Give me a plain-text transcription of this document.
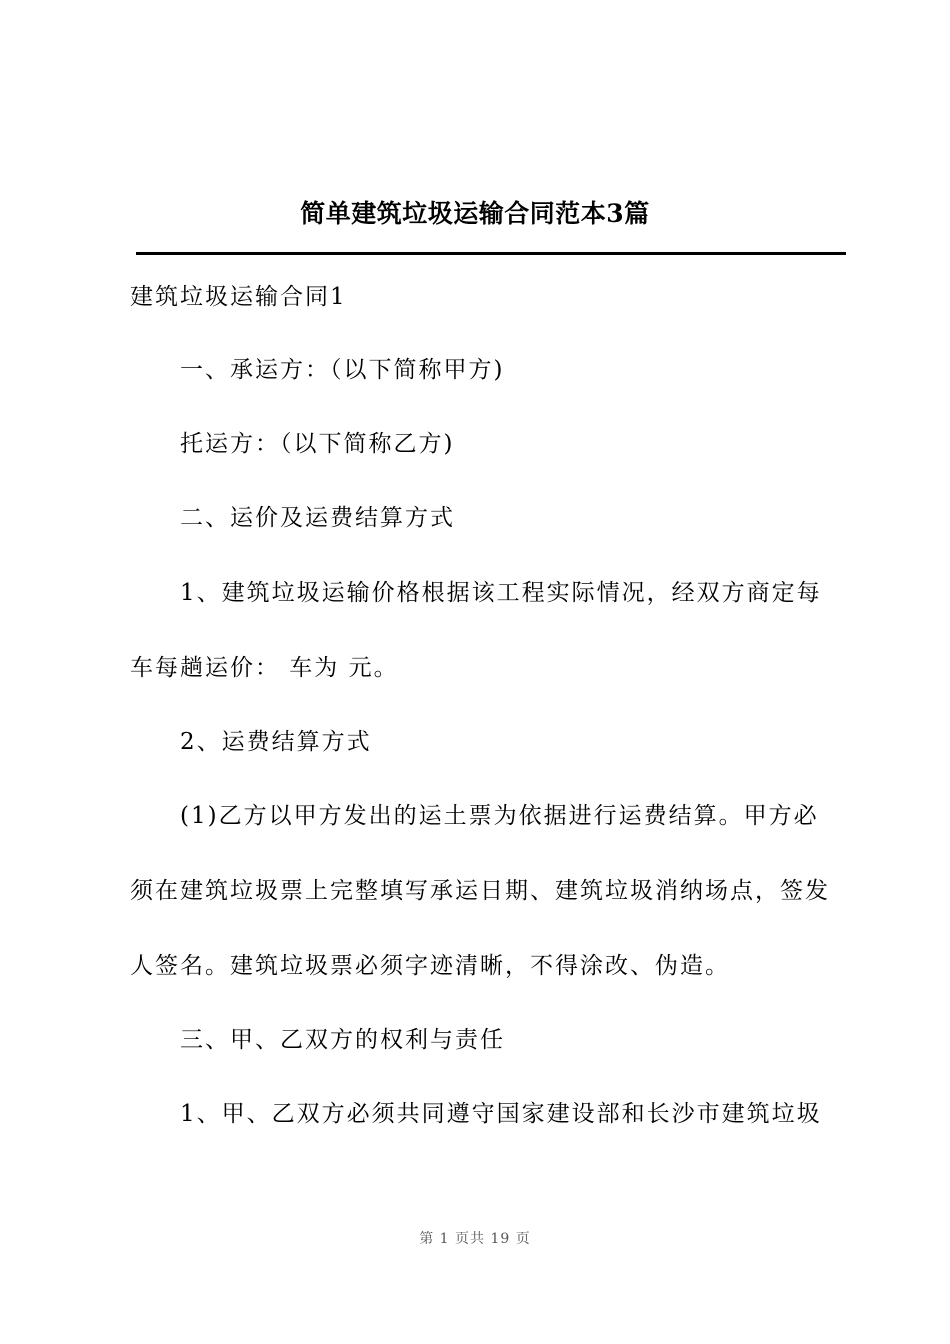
简单建筑垃圾运输合同范本3篇
建筑垃圾运输合同1
一、承运方：（以下简称甲方)
托运方：（以下简称乙方)
二、运价及运费结算方式
1、建筑垃圾运输价格根据该工程实际情况，经双方商定每
车每趟运价： 车为 元。
2、运费结算方式
(1)乙方以甲方发出的运土票为依据进行运费结算。甲方必
须在建筑垃圾票上完整填写承运日期、建筑垃圾消纳场点，签发
人签名。建筑垃圾票必须字迹清晰，不得涂改、伪造。
三、甲、乙双方的权利与责任
1、甲、乙双方必须共同遵守国家建设部和长沙市建筑垃圾
第 1 页共 19 页
